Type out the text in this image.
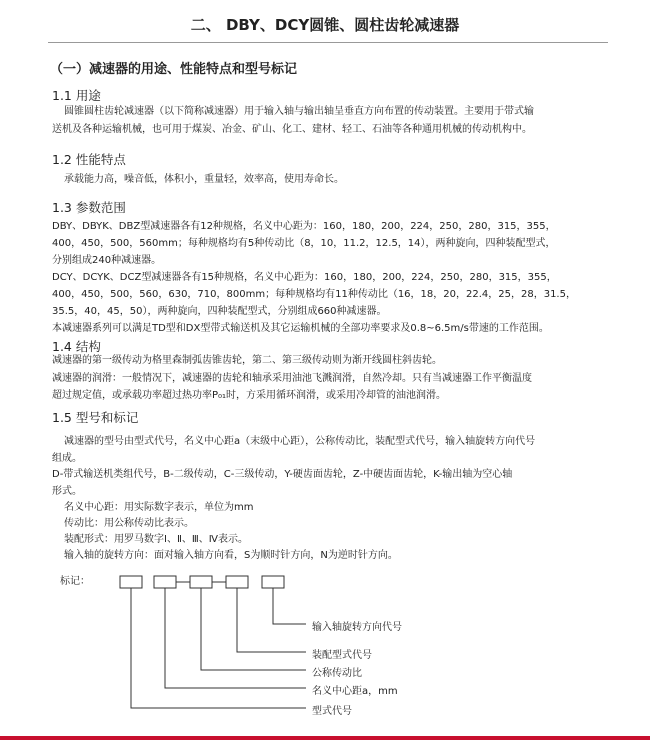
二、 DBY、DCY圆锥、圆柱齿轮减速器
（一）减速器的用途、性能特点和型号标记
1.1 用途
圆锥圆柱齿轮减速器（以下简称减速器）用于输入轴与输出轴呈垂直方向布置的传动装置。主要用于带式输
送机及各种运输机械，也可用于煤炭、冶金、矿山、化工、建材、轻工、石油等各种通用机械的传动机构中。
1.2 性能特点
承载能力高，噪音低，体积小，重量轻，效率高，使用寿命长。
1.3 参数范围
DBY、DBYK、DBZ型减速器各有12种规格，名义中心距为：160，180，200，224，250，280，315，355，
400，450，500，560mm；每种规格均有5种传动比（8，10，11.2，12.5，14），两种旋向，四种装配型式，
分别组成240种减速器。
DCY、DCYK、DCZ型减速器各有15种规格，名义中心距为：160，180，200，224，250，280，315，355，
400，450，500，560，630，710，800mm；每种规格均有11种传动比（16，18，20，22.4，25，28，31.5，
35.5，40，45，50），两种旋向，四种装配型式，分别组成660种减速器。
本减速器系列可以满足TD型和DX型带式输送机及其它运输机械的全部功率要求及0.8~6.5m/s带速的工作范围。
1.4 结构
减速器的第一级传动为格里森制弧齿锥齿轮，第二、第三级传动则为渐开线圆柱斜齿轮。
减速器的润滑：一般情况下，减速器的齿轮和轴承采用油池飞溅润滑，自然冷却。只有当减速器工作平衡温度
超过规定值，或承载功率超过热功率P₀₁时，方采用循环润滑，或采用冷却管的油池润滑。
1.5 型号和标记
减速器的型号由型式代号，名义中心距a（末级中心距），公称传动比，装配型式代号，输入轴旋转方向代号
组成。
D-带式输送机类组代号，B-二级传动，C-三级传动，Y-硬齿面齿轮，Z-中硬齿面齿轮，K-输出轴为空心轴
形式。
名义中心距：用实际数字表示，单位为mm
传动比：用公称传动比表示。
装配形式：用罗马数字Ⅰ、Ⅱ、Ⅲ、Ⅳ表示。
输入轴的旋转方向：面对输入轴方向看，S为顺时针方向，N为逆时针方向。
标记：
输入轴旋转方向代号
装配型式代号
公称传动比
名义中心距a，mm
型式代号
